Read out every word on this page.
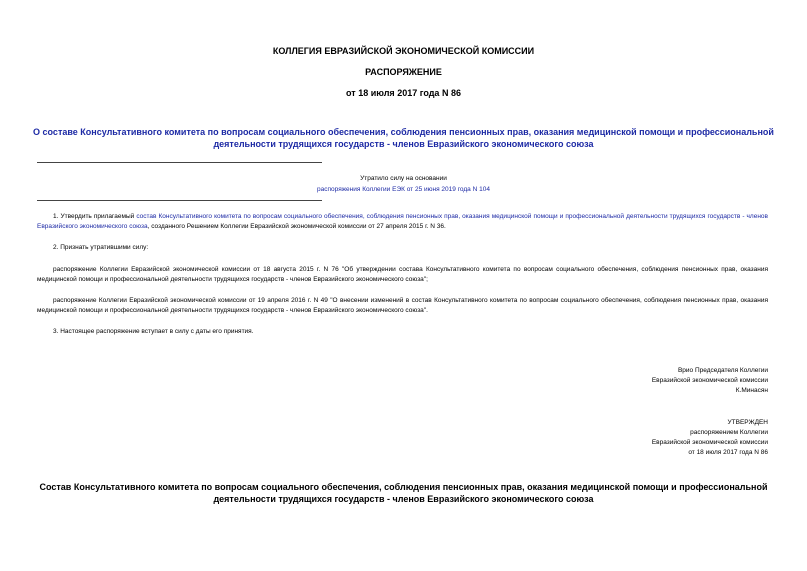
КОЛЛЕГИЯ ЕВРАЗИЙСКОЙ ЭКОНОМИЧЕСКОЙ КОМИССИИ
РАСПОРЯЖЕНИЕ
от 18 июля 2017 года N 86
О составе Консультативного комитета по вопросам социального обеспечения, соблюдения пенсионных прав, оказания медицинской помощи и профессиональной деятельности трудящихся государств - членов Евразийского экономического союза
Утратило силу на основании
распоряжения Коллегии ЕЭК от 25 июня 2019 года N 104
1. Утвердить прилагаемый состав Консультативного комитета по вопросам социального обеспечения, соблюдения пенсионных прав, оказания медицинской помощи и профессиональной деятельности трудящихся государств - членов Евразийского экономического союза, созданного Решением Коллегии Евразийской экономической комиссии от 27 апреля 2015 г. N 36.
2. Признать утратившими силу:
распоряжение Коллегии Евразийской экономической комиссии от 18 августа 2015 г. N 76 "Об утверждении состава Консультативного комитета по вопросам социального обеспечения, соблюдения пенсионных прав, оказания медицинской помощи и профессиональной деятельности трудящихся государств - членов Евразийского экономического союза";
распоряжение Коллегии Евразийской экономической комиссии от 19 апреля 2016 г. N 49 "О внесении изменений в состав Консультативного комитета по вопросам социального обеспечения, соблюдения пенсионных прав, оказания медицинской помощи и профессиональной деятельности трудящихся государств - членов Евразийского экономического союза".
3. Настоящее распоряжение вступает в силу с даты его принятия.
Врио Председателя Коллегии
Евразийской экономической комиссии
К.Минасян
УТВЕРЖДЕН
распоряжением Коллегии
Евразийской экономической комиссии
от 18 июля 2017 года N 86
Состав Консультативного комитета по вопросам социального обеспечения, соблюдения пенсионных прав, оказания медицинской помощи и профессиональной деятельности трудящихся государств - членов Евразийского экономического союза
